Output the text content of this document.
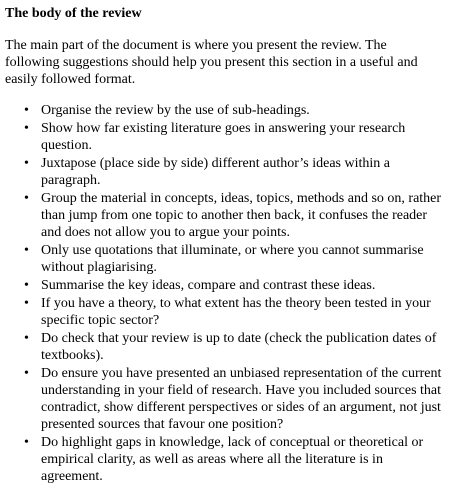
The body of the review

The main part of the document is where you present the review. The following suggestions should help you present this section in a useful and easily followed format.

• Organise the review by the use of sub-headings.
• Show how far existing literature goes in answering your research question.
• Juxtapose (place side by side) different author’s ideas within a paragraph.
• Group the material in concepts, ideas, topics, methods and so on, rather than jump from one topic to another then back, it confuses the reader and does not allow you to argue your points.
• Only use quotations that illuminate, or where you cannot summarise without plagiarising.
• Summarise the key ideas, compare and contrast these ideas.
• If you have a theory, to what extent has the theory been tested in your specific topic sector?
• Do check that your review is up to date (check the publication dates of textbooks).
• Do ensure you have presented an unbiased representation of the current understanding in your field of research. Have you included sources that contradict, show different perspectives or sides of an argument, not just presented sources that favour one position?
• Do highlight gaps in knowledge, lack of conceptual or theoretical or empirical clarity, as well as areas where all the literature is in agreement.
